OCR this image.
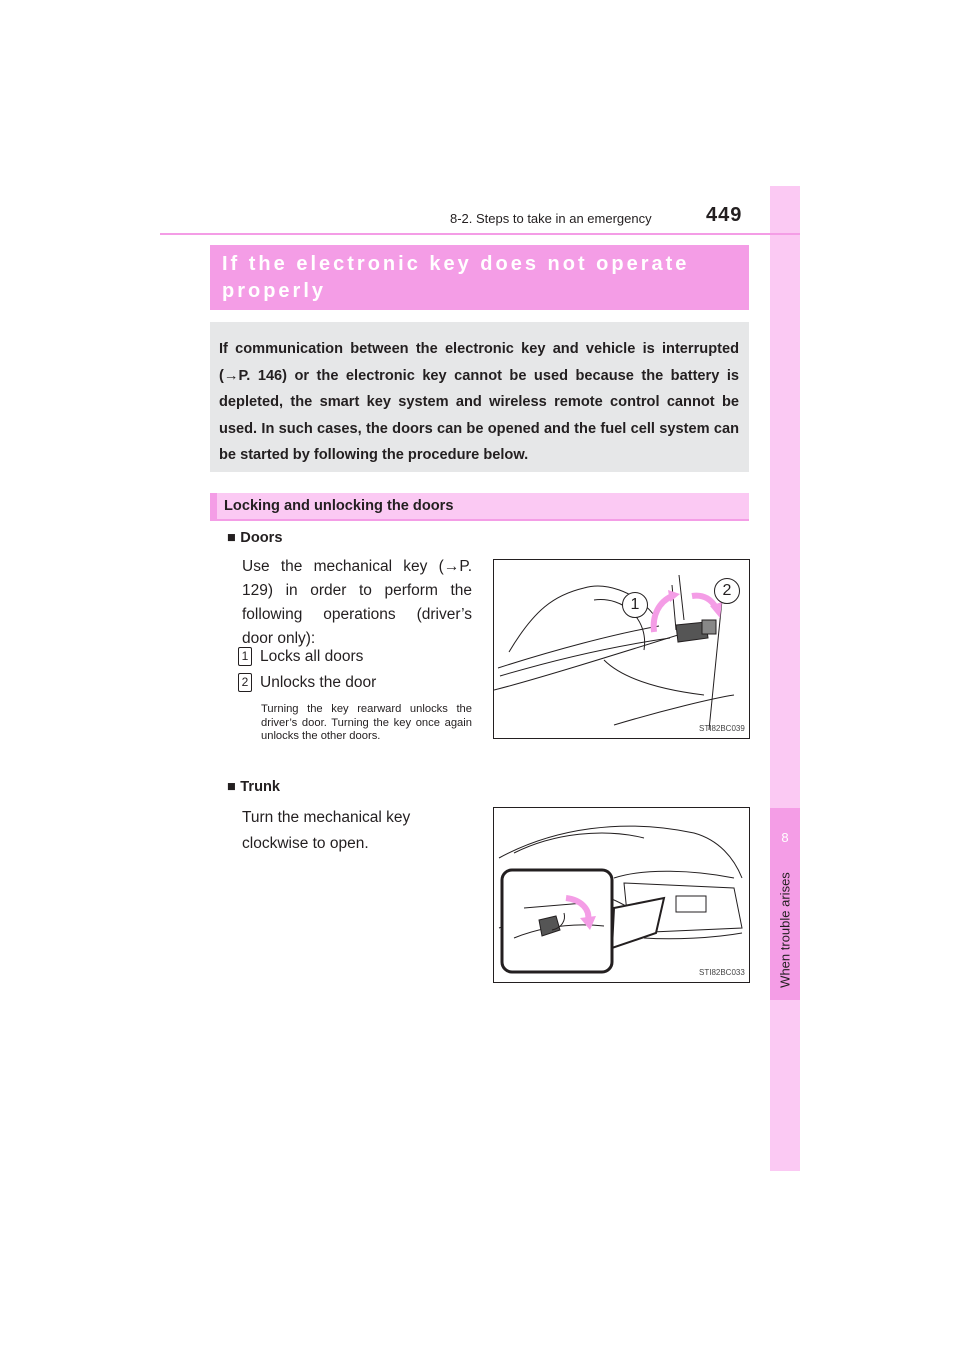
8
When trouble arises
8-2. Steps to take in an emergency	449
If the electronic key does not operate properly
If communication between the electronic key and vehicle is interrupted (→P. 146) or the electronic key cannot be used because the battery is depleted, the smart key system and wireless remote control cannot be used. In such cases, the doors can be opened and the fuel cell system can be started by following the procedure below.
Locking and unlocking the doors
■ Doors
Use the mechanical key (→P. 129) in order to perform the following operations (driver’s door only):
1 Locks all doors
2 Unlocks the door
Turning the key rearward unlocks the driver’s door. Turning the key once again unlocks the other doors.
1
2
STI82BC039
■ Trunk
Turn the mechanical key clockwise to open.
STI82BC033
